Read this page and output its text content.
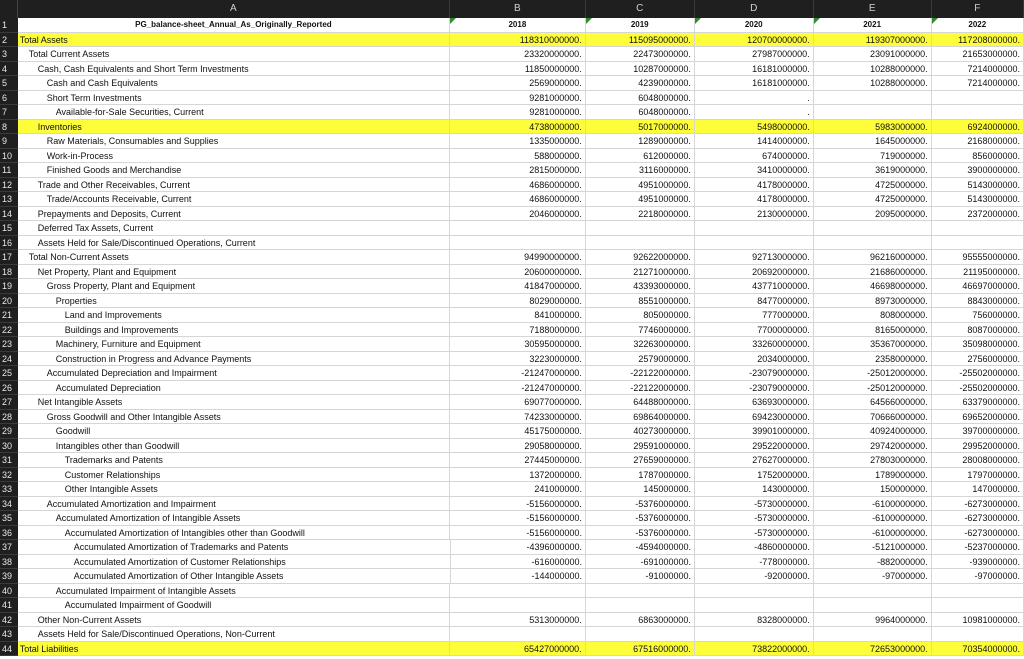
A	B	C	D	E	F
1	PG_balance-sheet_Annual_As_Originally_Reported	2018	2019	2020	2021	2022
2	Total Assets	118310000000.	115095000000.	120700000000.	119307000000.	117208000000.
3	Total Current Assets	23320000000.	22473000000.	27987000000.	23091000000.	21653000000.
4	Cash, Cash Equivalents and Short Term Investments	11850000000.	10287000000.	16181000000.	10288000000.	7214000000.
5	Cash and Cash Equivalents	2569000000.	4239000000.	16181000000.	10288000000.	7214000000.
6	Short Term Investments	9281000000.	6048000000.	.
7	Available-for-Sale Securities, Current	9281000000.	6048000000.	.
8	Inventories	4738000000.	5017000000.	5498000000.	5983000000.	6924000000.
9	Raw Materials, Consumables and Supplies	1335000000.	1289000000.	1414000000.	1645000000.	2168000000.
10	Work-in-Process	588000000.	612000000.	674000000.	719000000.	856000000.
11	Finished Goods and Merchandise	2815000000.	3116000000.	3410000000.	3619000000.	3900000000.
12	Trade and Other Receivables, Current	4686000000.	4951000000.	4178000000.	4725000000.	5143000000.
13	Trade/Accounts Receivable, Current	4686000000.	4951000000.	4178000000.	4725000000.	5143000000.
14	Prepayments and Deposits, Current	2046000000.	2218000000.	2130000000.	2095000000.	2372000000.
15	Deferred Tax Assets, Current
16	Assets Held for Sale/Discontinued Operations, Current
17	Total Non-Current Assets	94990000000.	92622000000.	92713000000.	96216000000.	95555000000.
18	Net Property, Plant and Equipment	20600000000.	21271000000.	20692000000.	21686000000.	21195000000.
19	Gross Property, Plant and Equipment	41847000000.	43393000000.	43771000000.	46698000000.	46697000000.
20	Properties	8029000000.	8551000000.	8477000000.	8973000000.	8843000000.
21	Land and Improvements	841000000.	805000000.	777000000.	808000000.	756000000.
22	Buildings and Improvements	7188000000.	7746000000.	7700000000.	8165000000.	8087000000.
23	Machinery, Furniture and Equipment	30595000000.	32263000000.	33260000000.	35367000000.	35098000000.
24	Construction in Progress and Advance Payments	3223000000.	2579000000.	2034000000.	2358000000.	2756000000.
25	Accumulated Depreciation and Impairment	-21247000000.	-22122000000.	-23079000000.	-25012000000.	-25502000000.
26	Accumulated Depreciation	-21247000000.	-22122000000.	-23079000000.	-25012000000.	-25502000000.
27	Net Intangible Assets	69077000000.	64488000000.	63693000000.	64566000000.	63379000000.
28	Gross Goodwill and Other Intangible Assets	74233000000.	69864000000.	69423000000.	70666000000.	69652000000.
29	Goodwill	45175000000.	40273000000.	39901000000.	40924000000.	39700000000.
30	Intangibles other than Goodwill	29058000000.	29591000000.	29522000000.	29742000000.	29952000000.
31	Trademarks and Patents	27445000000.	27659000000.	27627000000.	27803000000.	28008000000.
32	Customer Relationships	1372000000.	1787000000.	1752000000.	1789000000.	1797000000.
33	Other Intangible Assets	241000000.	145000000.	143000000.	150000000.	147000000.
34	Accumulated Amortization and Impairment	-5156000000.	-5376000000.	-5730000000.	-6100000000.	-6273000000.
35	Accumulated Amortization of Intangible Assets	-5156000000.	-5376000000.	-5730000000.	-6100000000.	-6273000000.
36	Accumulated Amortization of Intangibles other than Goodwill	-5156000000.	-5376000000.	-5730000000.	-6100000000.	-6273000000.
37	Accumulated Amortization of Trademarks and Patents	-4396000000.	-4594000000.	-4860000000.	-5121000000.	-5237000000.
38	Accumulated Amortization of Customer Relationships	-616000000.	-691000000.	-778000000.	-882000000.	-939000000.
39	Accumulated Amortization of Other Intangible Assets	-144000000.	-91000000.	-92000000.	-97000000.	-97000000.
40	Accumulated Impairment of Intangible Assets
41	Accumulated Impairment of Goodwill
42	Other Non-Current Assets	5313000000.	6863000000.	8328000000.	9964000000.	10981000000.
43	Assets Held for Sale/Discontinued Operations, Non-Current
44 Total Liabilities	65427000000.	67516000000.	73822000000.	72653000000.	70354000000.
